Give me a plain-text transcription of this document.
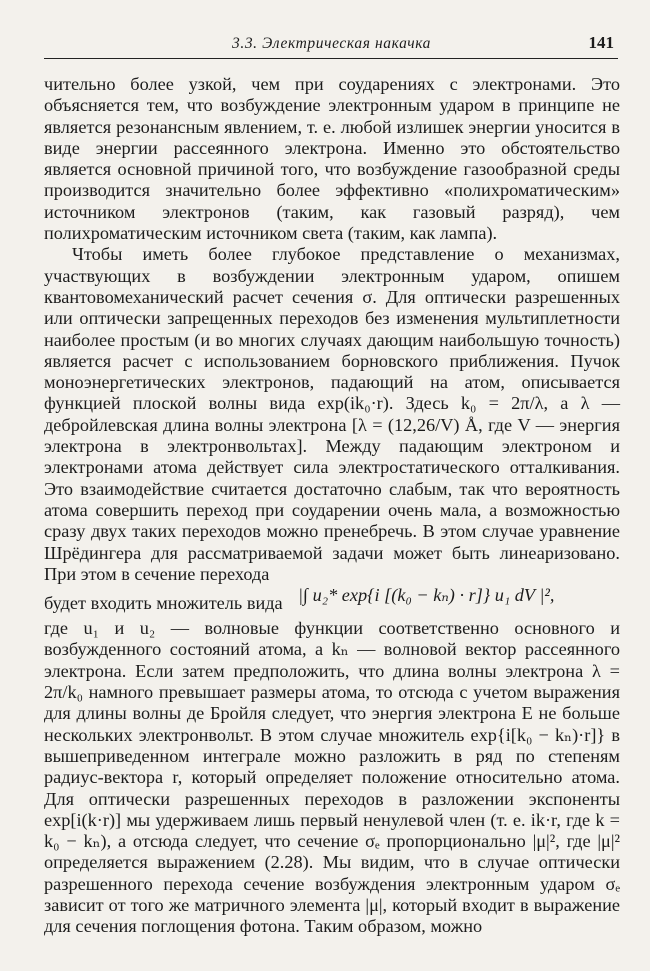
3.3. Электрическая накачка	141

чительно более узкой, чем при соударениях с электронами. Это объясняется тем, что возбуждение электронным ударом в принципе не является резонансным явлением, т. е. любой излишек энергии уносится в виде энергии рассеянного электрона. Именно это обстоятельство является основной причиной того, что возбуждение газообразной среды производится значительно более эффективно «полихроматическим» источником электронов (таким, как газовый разряд), чем полихроматическим источником света (таким, как лампа).

Чтобы иметь более глубокое представление о механизмах, участвующих в возбуждении электронным ударом, опишем квантовомеханический расчет сечения σ. Для оптически разрешенных или оптически запрещенных переходов без изменения мультиплетности наиболее простым (и во многих случаях дающим наибольшую точность) является расчет с использованием борновского приближения. Пучок моноэнергетических электронов, падающий на атом, описывается функцией плоской волны вида exp(ik₀·r). Здесь k₀ = 2π/λ, а λ — дебройлевская длина волны электрона [λ = (12,26/V) Å, где V — энергия электрона в электронвольтах]. Между падающим электроном и электронами атома действует сила электростатического отталкивания. Это взаимодействие считается достаточно слабым, так что вероятность атома совершить переход при соударении очень мала, а возможностью сразу двух таких переходов можно пренебречь. В этом случае уравнение Шрёдингера для рассматриваемой задачи может быть линеаризовано. При этом в сечение перехода

будет входить множитель вида |∫ u₂* exp{i [(k₀ − kₙ) · r]} u₁ dV |²,

где u₁ и u₂ — волновые функции соответственно основного и возбужденного состояний атома, а kₙ — волновой вектор рассеянного электрона. Если затем предположить, что длина волны электрона λ = 2π/k₀ намного превышает размеры атома, то отсюда с учетом выражения для длины волны де Бройля следует, что энергия электрона E не больше нескольких электронвольт. В этом случае множитель exp{i[k₀ − kₙ)·r]} в вышеприведенном интеграле можно разложить в ряд по степеням радиус-вектора r, который определяет положение относительно атома. Для оптически разрешенных переходов в разложении экспоненты exp[i(k·r)] мы удерживаем лишь первый ненулевой член (т. е. ik·r, где k = k₀ − kₙ), а отсюда следует, что сечение σₑ пропорционально |μ|², где |μ|² определяется выражением (2.28). Мы видим, что в случае оптически разрешенного перехода сечение возбуждения электронным ударом σₑ зависит от того же матричного элемента |μ|, который входит в выражение для сечения поглощения фотона. Таким образом, можно
